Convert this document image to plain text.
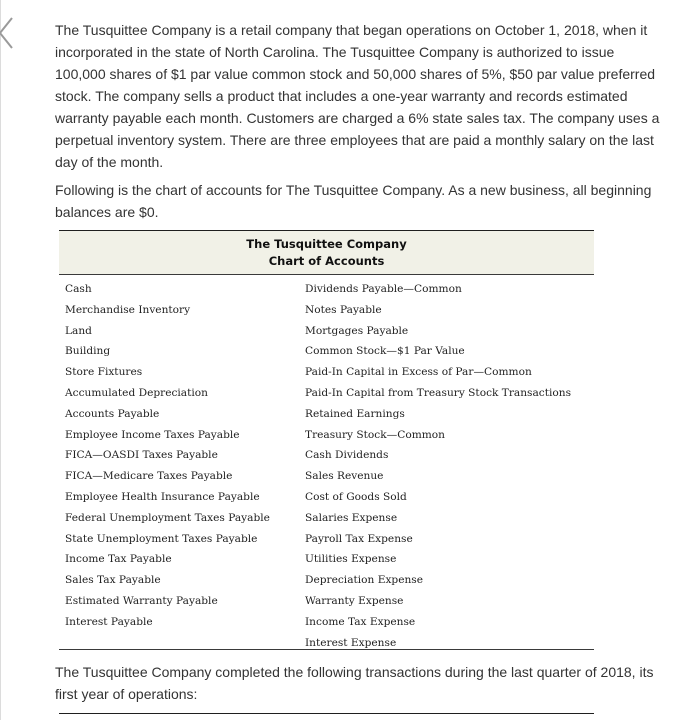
The Tusquittee Company is a retail company that began operations on October 1, 2018, when it incorporated in the state of North Carolina. The Tusquittee Company is authorized to issue 100,000 shares of $1 par value common stock and 50,000 shares of 5%, $50 par value preferred stock. The company sells a product that includes a one-year warranty and records estimated warranty payable each month. Customers are charged a 6% state sales tax. The company uses a perpetual inventory system. There are three employees that are paid a monthly salary on the last day of the month.

Following is the chart of accounts for The Tusquittee Company. As a new business, all beginning balances are $0.

The Tusquittee Company completed the following transactions during the last quarter of 2018, its first year of operations:

The Tusquittee Company
Chart of Accounts
Cash
Merchandise Inventory
Land
Building
Store Fixtures
Accumulated Depreciation
Accounts Payable
Employee Income Taxes Payable
FICA—OASDI Taxes Payable
FICA—Medicare Taxes Payable
Employee Health Insurance Payable
Federal Unemployment Taxes Payable
State Unemployment Taxes Payable
Income Tax Payable
Sales Tax Payable
Estimated Warranty Payable
Interest Payable
Dividends Payable—Common
Notes Payable
Mortgages Payable
Common Stock—$1 Par Value
Paid-In Capital in Excess of Par—Common
Paid-In Capital from Treasury Stock Transactions
Retained Earnings
Treasury Stock—Common
Cash Dividends
Sales Revenue
Cost of Goods Sold
Salaries Expense
Payroll Tax Expense
Utilities Expense
Depreciation Expense
Warranty Expense
Income Tax Expense
Interest Expense
